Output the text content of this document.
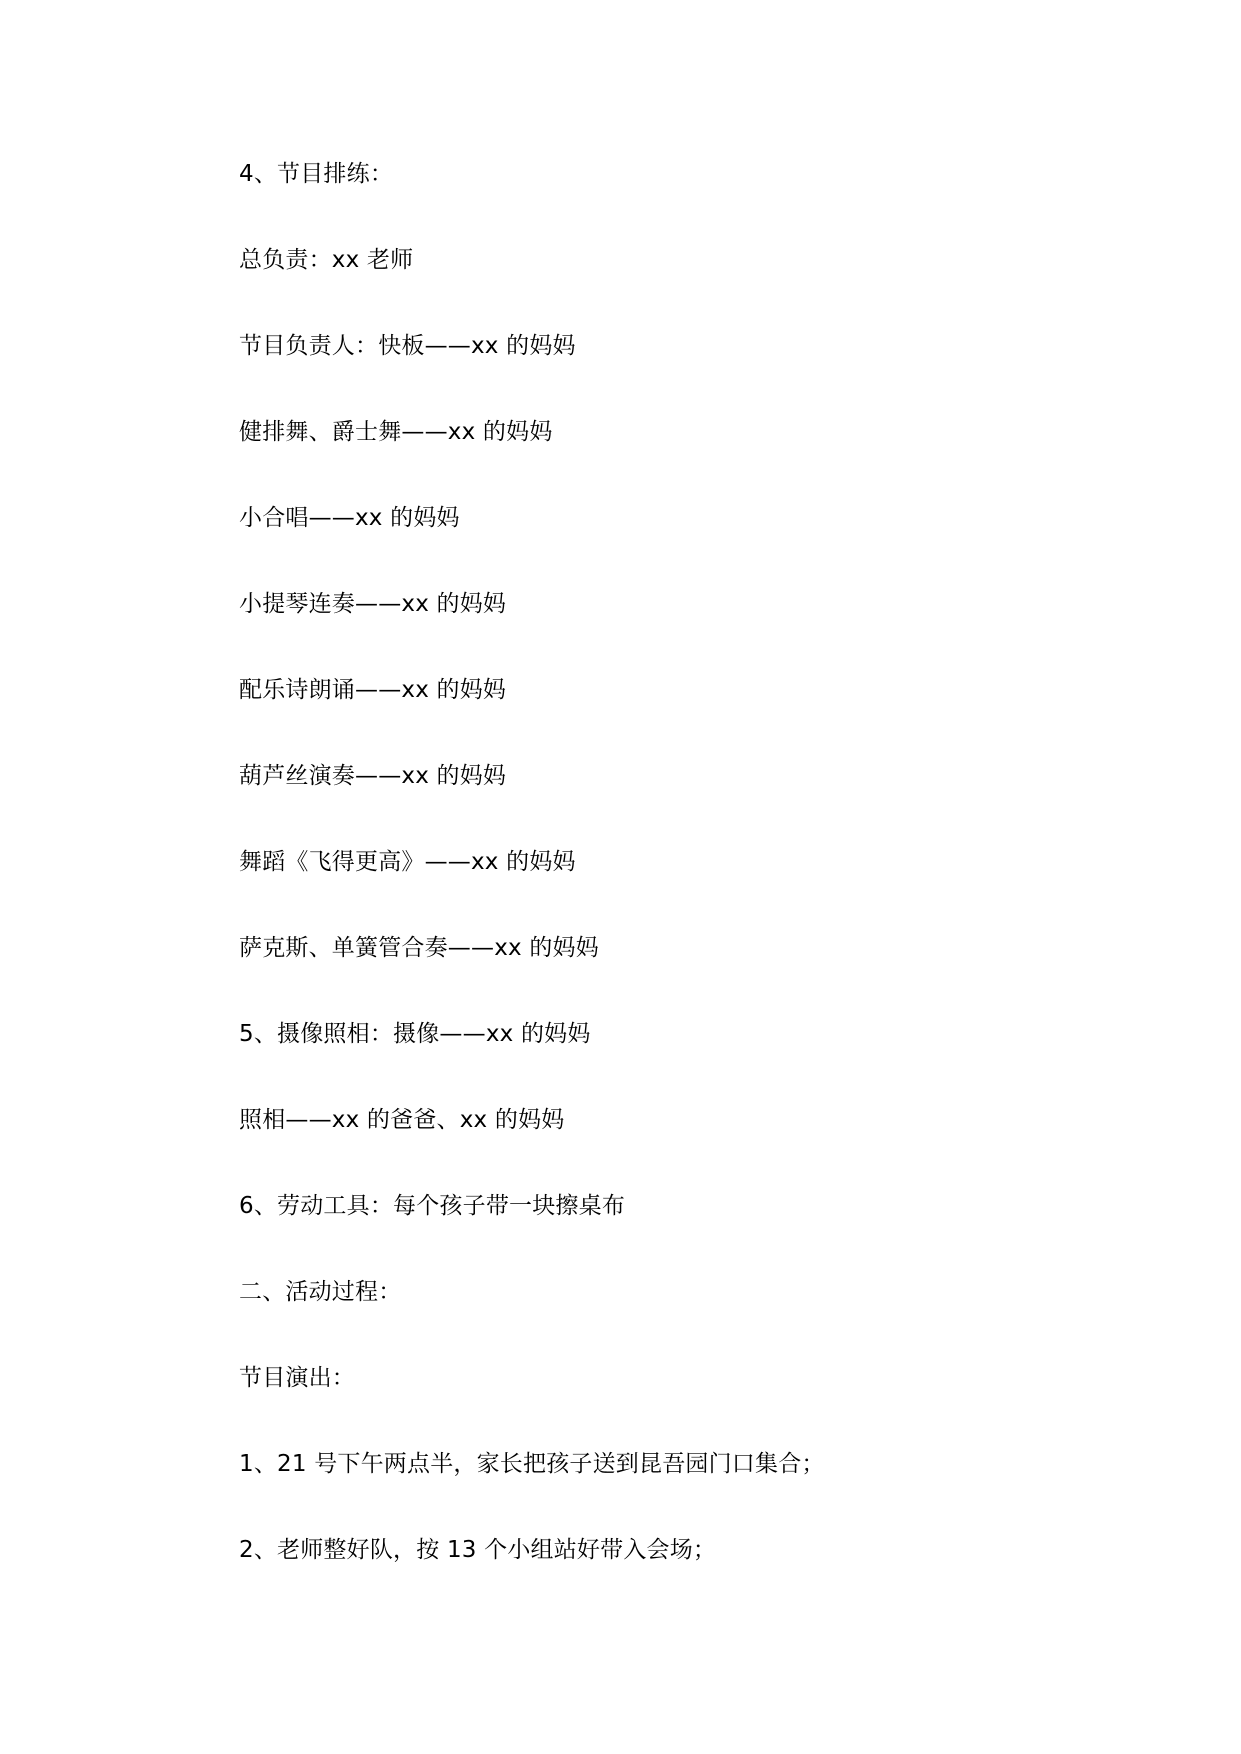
4、节目排练：

总负责：xx 老师

节目负责人：快板——xx 的妈妈

健排舞、爵士舞——xx 的妈妈

小合唱——xx 的妈妈

小提琴连奏——xx 的妈妈

配乐诗朗诵——xx 的妈妈

葫芦丝演奏——xx 的妈妈

舞蹈《飞得更高》——xx 的妈妈

萨克斯、单簧管合奏——xx 的妈妈

5、摄像照相：摄像——xx 的妈妈

照相——xx 的爸爸、xx 的妈妈

6、劳动工具：每个孩子带一块擦桌布

二、活动过程：

节目演出：

1、21 号下午两点半，家长把孩子送到昆吾园门口集合；

2、老师整好队，按 13 个小组站好带入会场；
